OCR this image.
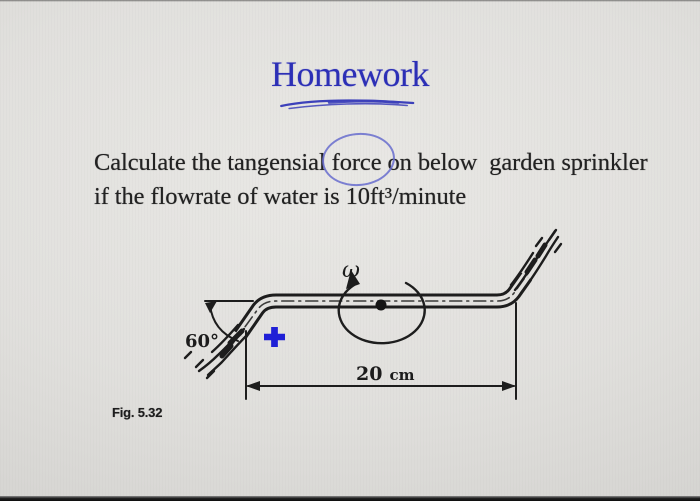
Homework
Calculate the tangensial force
on below  garden sprinkler
if the flowrate of water is 10ft³/minute
ω
60°
20 cm
Fig. 5.32
